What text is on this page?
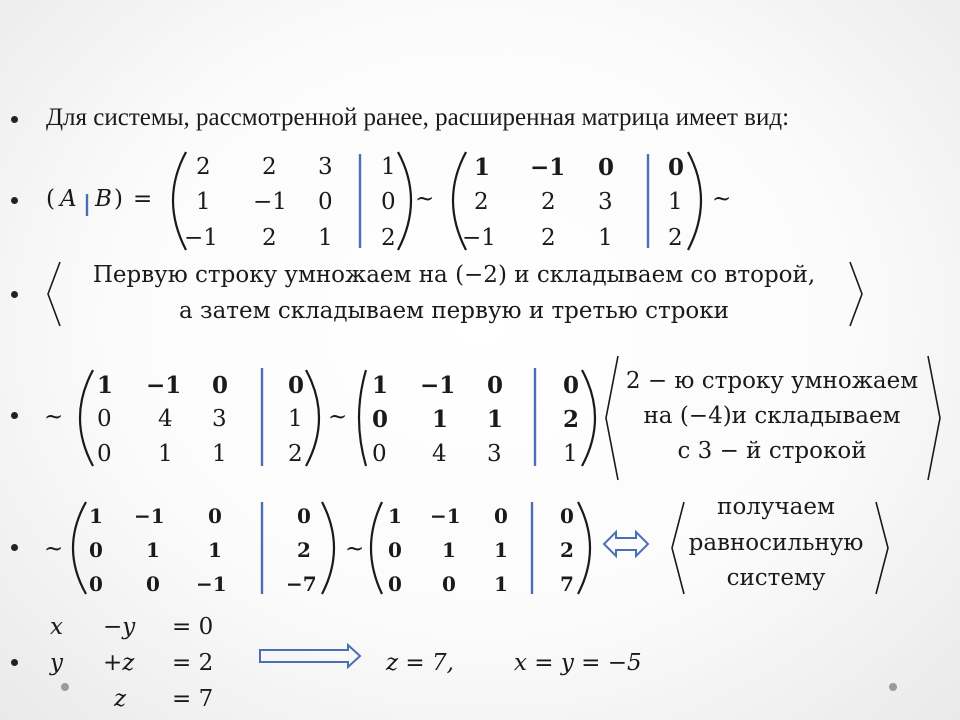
Для системы, рассмотренной ранее, расширенная матрица имеет вид:
( A B ) =	~	~
~	~
~	~
2 2 3 1
1 −1 0 0
−1 2 1 2
1 −1 0 0
2 2 3 1
−1 2 1 2
Первую строку умножаем на (−2) и складываем со второй,
а затем складываем первую и третью строки
1 −1 0	0
0 4 3	1
0 1 1	2
1 −1 0	0
0 1 1	2
0 4 3	1
2 − ю строку умножаем
на (−4)и складываем
с 3 − й строкой
1 −1 0	0
0 1 1	2
0 0 −1	−7
1 −1 0	0
0 1 1	2
0 0 1	7
получаем
равносильную
систему
x −y = 0
y +z = 2
z = 7
z = 7,	x = y = −5
